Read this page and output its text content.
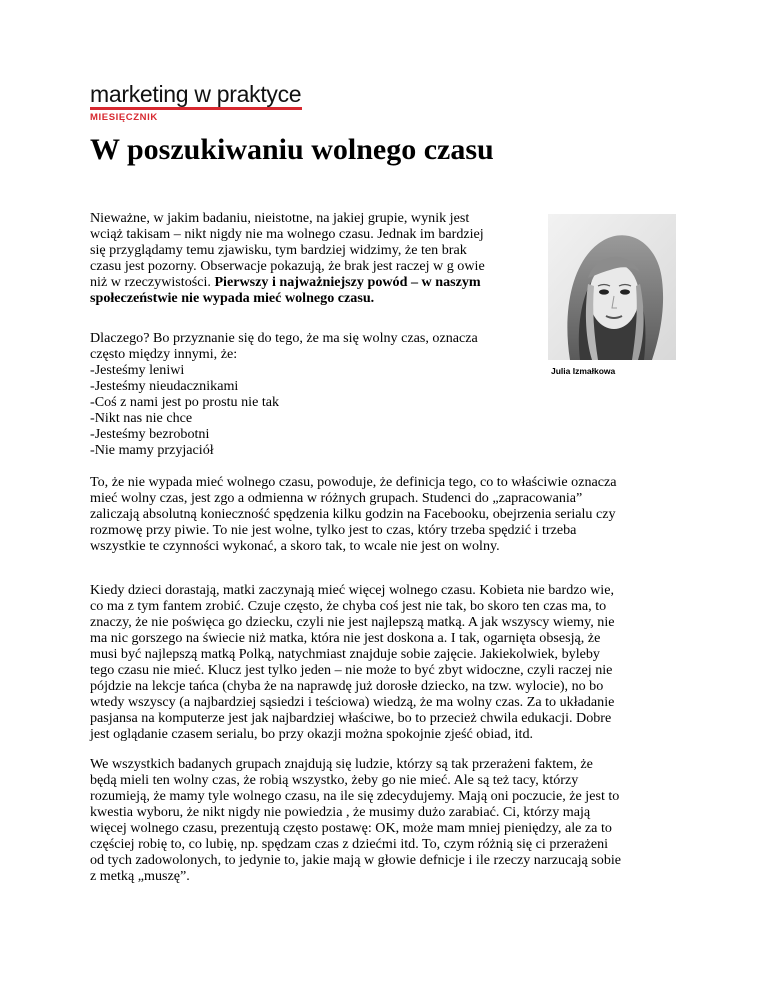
marketing w praktyce
MIESIĘCZNIK
W poszukiwaniu wolnego czasu

Nieważne, w jakim badaniu, nieistotne, na jakiej grupie, wynik jest
wciąż takisam – nikt nigdy nie ma wolnego czasu. Jednak im bardziej
się przyglądamy temu zjawisku, tym bardziej widzimy, że ten brak
czasu jest pozorny. Obserwacje pokazują, że brak jest raczej w g owie
niż w rzeczywistości. Pierwszy i najważniejszy powód – w naszym
społeczeństwie nie wypada mieć wolnego czasu.

Julia Izmałkowa

Dlaczego? Bo przyznanie się do tego, że ma się wolny czas, oznacza
często między innymi, że:
-Jesteśmy leniwi
-Jesteśmy nieudacznikami
-Coś z nami jest po prostu nie tak
-Nikt nas nie chce
-Jesteśmy bezrobotni
-Nie mamy przyjaciół

To, że nie wypada mieć wolnego czasu, powoduje, że definicja tego, co to właściwie oznacza
mieć wolny czas, jest zgo a odmienna w różnych grupach. Studenci do „zapracowania”
zaliczają absolutną konieczność spędzenia kilku godzin na Facebooku, obejrzenia serialu czy
rozmowę przy piwie. To nie jest wolne, tylko jest to czas, który trzeba spędzić i trzeba
wszystkie te czynności wykonać, a skoro tak, to wcale nie jest on wolny.

Kiedy dzieci dorastają, matki zaczynają mieć więcej wolnego czasu. Kobieta nie bardzo wie,
co ma z tym fantem zrobić. Czuje często, że chyba coś jest nie tak, bo skoro ten czas ma, to
znaczy, że nie poświęca go dziecku, czyli nie jest najlepszą matką. A jak wszyscy wiemy, nie
ma nic gorszego na świecie niż matka, która nie jest doskona a. I tak, ogarnięta obsesją, że
musi być najlepszą matką Polką, natychmiast znajduje sobie zajęcie. Jakiekolwiek, byleby
tego czasu nie mieć. Klucz jest tylko jeden – nie może to być zbyt widoczne, czyli raczej nie
pójdzie na lekcje tańca (chyba że na naprawdę już dorosłe dziecko, na tzw. wylocie), no bo
wtedy wszyscy (a najbardziej sąsiedzi i teściowa) wiedzą, że ma wolny czas. Za to układanie
pasjansa na komputerze jest jak najbardziej właściwe, bo to przecież chwila edukacji. Dobre
jest oglądanie czasem serialu, bo przy okazji można spokojnie zjeść obiad, itd.

We wszystkich badanych grupach znajdują się ludzie, którzy są tak przerażeni faktem, że
będą mieli ten wolny czas, że robią wszystko, żeby go nie mieć. Ale są też tacy, którzy
rozumieją, że mamy tyle wolnego czasu, na ile się zdecydujemy. Mają oni poczucie, że jest to
kwestia wyboru, że nikt nigdy nie powiedzia , że musimy dużo zarabiać. Ci, którzy mają
więcej wolnego czasu, prezentują często postawę: OK, może mam mniej pieniędzy, ale za to
częściej robię to, co lubię, np. spędzam czas z dziećmi itd. To, czym różnią się ci przerażeni
od tych zadowolonych, to jedynie to, jakie mają w głowie defnicje i ile rzeczy narzucają sobie
z metką „muszę”.
